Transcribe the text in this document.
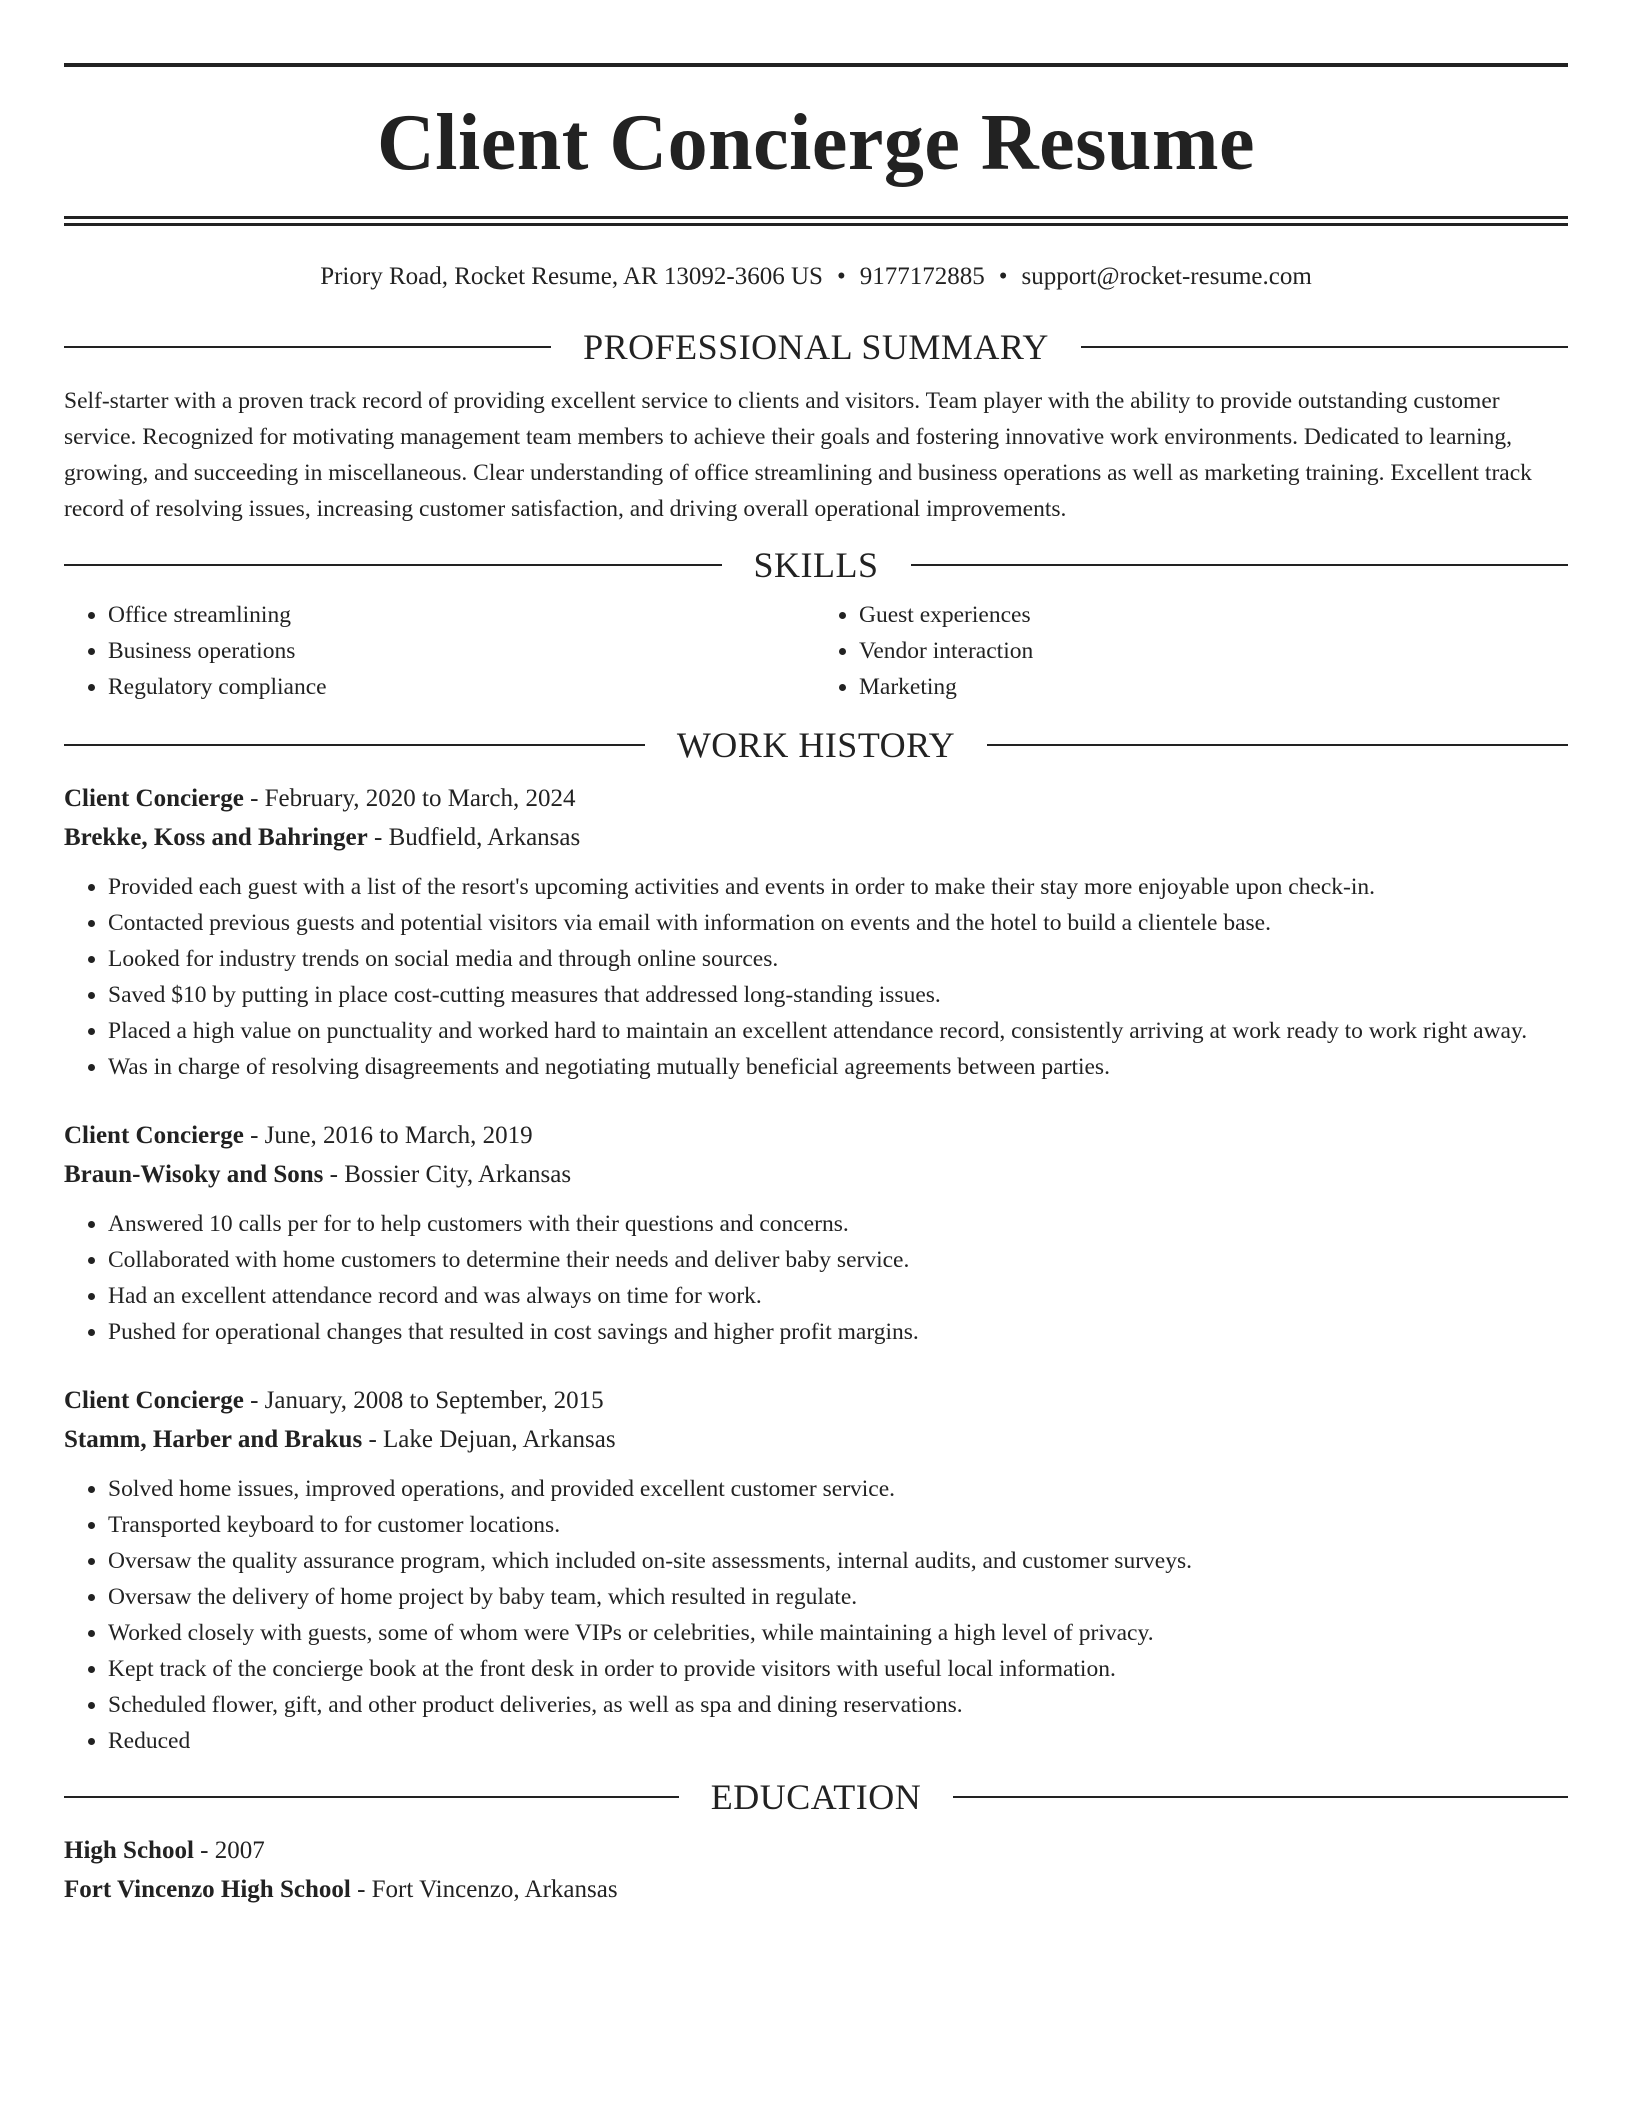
Client Concierge Resume
Priory Road, Rocket Resume, AR 13092-3606 US • 9177172885 • support@rocket-resume.com
PROFESSIONAL SUMMARY

Self-starter with a proven track record of providing excellent service to clients and visitors. Team player with the ability to provide outstanding customer service. Recognized for motivating management team members to achieve their goals and fostering innovative work environments. Dedicated to learning, growing, and succeeding in miscellaneous. Clear understanding of office streamlining and business operations as well as marketing training. Excellent track record of resolving issues, increasing customer satisfaction, and driving overall operational improvements.

SKILLS
• Office streamlining
• Business operations
• Regulatory compliance
• Guest experiences
• Vendor interaction
• Marketing
WORK HISTORY
Client Concierge - February, 2020 to March, 2024
Brekke, Koss and Bahringer - Budfield, Arkansas
• Provided each guest with a list of the resort's upcoming activities and events in order to make their stay more enjoyable upon check-in.
• Contacted previous guests and potential visitors via email with information on events and the hotel to build a clientele base.
• Looked for industry trends on social media and through online sources.
• Saved $10 by putting in place cost-cutting measures that addressed long-standing issues.
• Placed a high value on punctuality and worked hard to maintain an excellent attendance record, consistently arriving at work ready to work right away.
• Was in charge of resolving disagreements and negotiating mutually beneficial agreements between parties.
Client Concierge - June, 2016 to March, 2019
Braun-Wisoky and Sons - Bossier City, Arkansas
• Answered 10 calls per for to help customers with their questions and concerns.
• Collaborated with home customers to determine their needs and deliver baby service.
• Had an excellent attendance record and was always on time for work.
• Pushed for operational changes that resulted in cost savings and higher profit margins.
Client Concierge - January, 2008 to September, 2015
Stamm, Harber and Brakus - Lake Dejuan, Arkansas
• Solved home issues, improved operations, and provided excellent customer service.
• Transported keyboard to for customer locations.
• Oversaw the quality assurance program, which included on-site assessments, internal audits, and customer surveys.
• Oversaw the delivery of home project by baby team, which resulted in regulate.
• Worked closely with guests, some of whom were VIPs or celebrities, while maintaining a high level of privacy.
• Kept track of the concierge book at the front desk in order to provide visitors with useful local information.
• Scheduled flower, gift, and other product deliveries, as well as spa and dining reservations.
• Reduced
EDUCATION
High School - 2007
Fort Vincenzo High School - Fort Vincenzo, Arkansas
